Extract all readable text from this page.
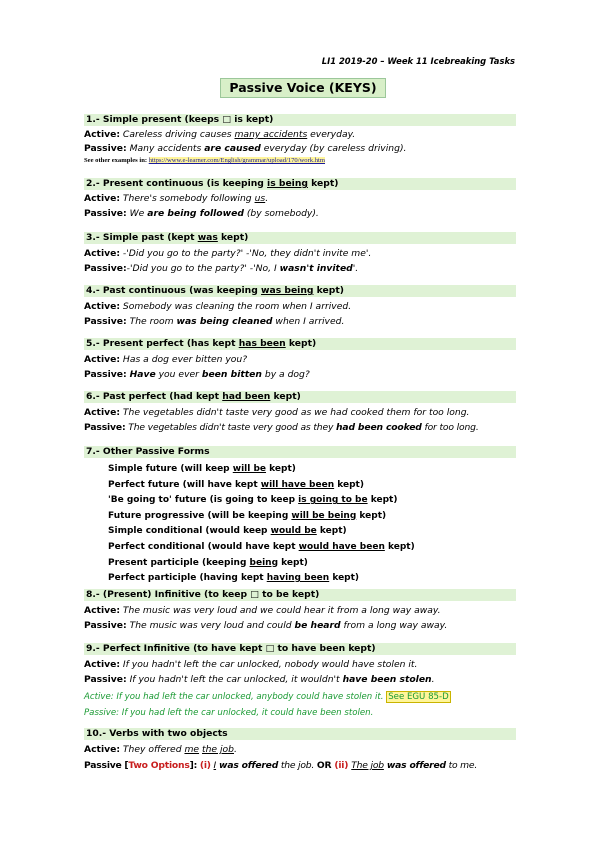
LI1 2019-20 – Week 11 Icebreaking Tasks
Passive Voice (KEYS)
1.- Simple present (keeps □ is kept)
Active: Careless driving causes many accidents everyday.
Passive: Many accidents are caused everyday (by careless driving).
See other examples in: https://www.e-learner.com/English/grammar/upload/170/work.htm
2.- Present continuous (is keeping is being kept)
Active: There's somebody following us.
Passive: We are being followed (by somebody).
3.- Simple past (kept was kept)
Active: -'Did you go to the party?' -'No, they didn't invite me'.
Passive:-'Did you go to the party?' -'No, I wasn't invited'.
4.- Past continuous (was keeping was being kept)
Active: Somebody was cleaning the room when I arrived.
Passive: The room was being cleaned when I arrived.
5.- Present perfect (has kept has been kept)
Active: Has a dog ever bitten you?
Passive: Have you ever been bitten by a dog?
6.- Past perfect (had kept had been kept)
Active: The vegetables didn't taste very good as we had cooked them for too long.
Passive: The vegetables didn't taste very good as they had been cooked for too long.
7.- Other Passive Forms
Simple future (will keep will be kept)
Perfect future (will have kept will have been kept)
'Be going to' future (is going to keep is going to be kept)
Future progressive (will be keeping will be being kept)
Simple conditional (would keep would be kept)
Perfect conditional (would have kept would have been kept)
Present participle (keeping being kept)
Perfect participle (having kept having been kept)
8.- (Present) Infinitive (to keep □ to be kept)
Active: The music was very loud and we could hear it from a long way away.
Passive: The music was very loud and could be heard from a long way away.
9.- Perfect Infinitive (to have kept □ to have been kept)
Active: If you hadn't left the car unlocked, nobody would have stolen it.
Passive: If you hadn't left the car unlocked, it wouldn't have been stolen.
Active: If you had left the car unlocked, anybody could have stolen it. See EGU 85-D
Passive: If you had left the car unlocked, it could have been stolen.
10.- Verbs with two objects
Active: They offered me the job.
Passive [Two Options]: (i) I was offered the job. OR (ii) The job was offered to me.
